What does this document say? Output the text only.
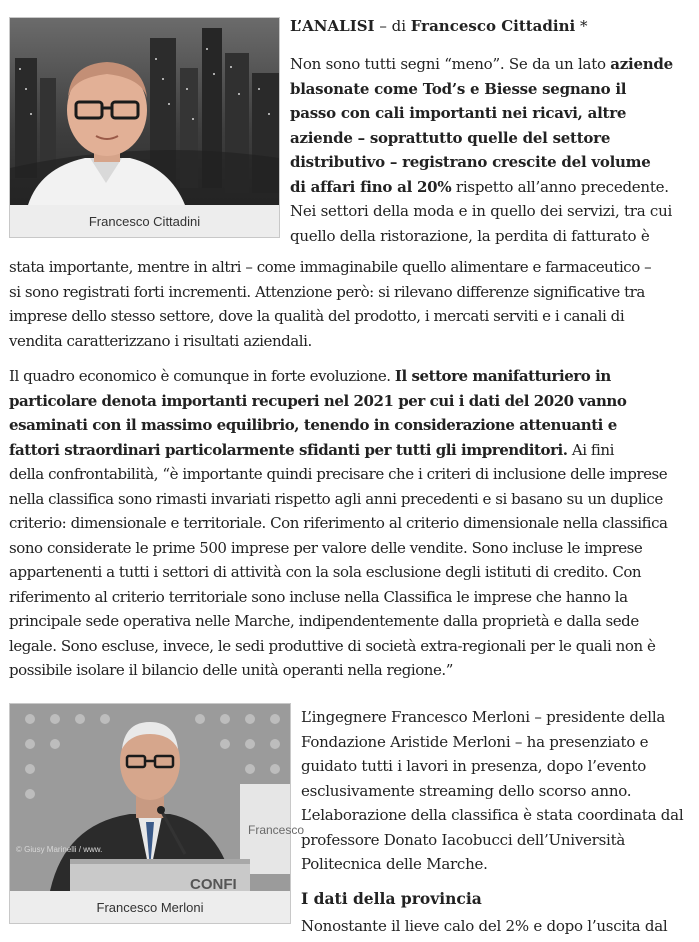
Francesco Cittadini

L’ANALISI – di Francesco Cittadini *

Non sono tutti segni “meno”. Se da un lato aziende
blasonate come Tod’s e Biesse segnano il
passo con cali importanti nei ricavi, altre
aziende – soprattutto quelle del settore
distributivo – registrano crescite del volume
di affari fino al 20% rispetto all’anno precedente.
Nei settori della moda e in quello dei servizi, tra cui
quello della ristorazione, la perdita di fatturato è
stata importante, mentre in altri – come immaginabile quello alimentare e farmaceutico –
si sono registrati forti incrementi. Attenzione però: si rilevano differenze significative tra
imprese dello stesso settore, dove la qualità del prodotto, i mercati serviti e i canali di
vendita caratterizzano i risultati aziendali.
Il quadro economico è comunque in forte evoluzione. Il settore manifatturiero in
particolare denota importanti recuperi nel 2021 per cui i dati del 2020 vanno
esaminati con il massimo equilibrio, tenendo in considerazione attenuanti e
fattori straordinari particolarmente sfidanti per tutti gli imprenditori. Ai fini
della confrontabilità, “è importante quindi precisare che i criteri di inclusione delle imprese
nella classifica sono rimasti invariati rispetto agli anni precedenti e si basano su un duplice
criterio: dimensionale e territoriale. Con riferimento al criterio dimensionale nella classifica
sono considerate le prime 500 imprese per valore delle vendite. Sono incluse le imprese
appartenenti a tutti i settori di attività con la sola esclusione degli istituti di credito. Con
riferimento al criterio territoriale sono incluse nella Classifica le imprese che hanno la
principale sede operativa nelle Marche, indipendentemente dalla proprietà e dalla sede
legale. Sono escluse, invece, le sedi produttive di società extra-regionali per le quali non è
possibile isolare il bilancio delle unità operanti nella regione.”
Francesco
CONFI
© Giusy Marinelli / www.
Francesco Merloni
L’ingegnere Francesco Merloni – presidente della
Fondazione Aristide Merloni – ha presenziato e
guidato tutti i lavori in presenza, dopo l’evento
esclusivamente streaming dello scorso anno.
L’elaborazione della classifica è stata coordinata dal
professore Donato Iacobucci dell’Università
Politecnica delle Marche.
I dati della provincia
Nonostante il lieve calo del 2% e dopo l’uscita dal
